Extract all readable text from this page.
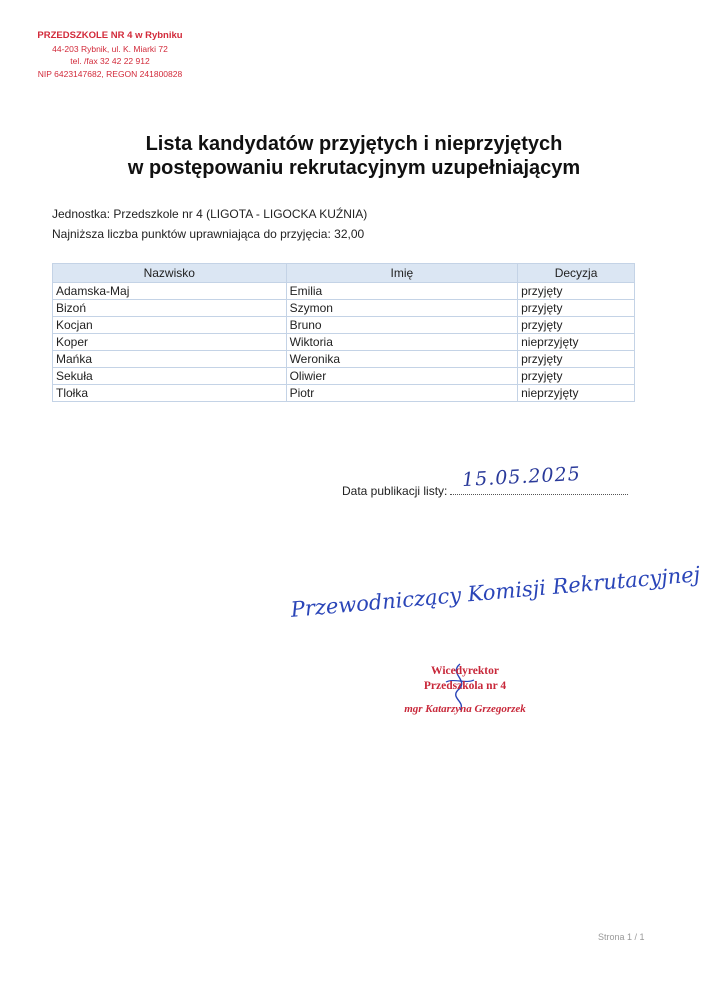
PRZEDSZKOLE NR 4 w Rybniku
44-203 Rybnik, ul. K. Miarki 72
tel. /fax 32 42 22 912
NIP 6423147682, REGON 241800828
Lista kandydatów przyjętych i nieprzyjętych
w postępowaniu rekrutacyjnym uzupełniającym
Jednostka: Przedszkole nr 4 (LIGOTA - LIGOCKA KUŹNIA)
Najniższa liczba punktów uprawniająca do przyjęcia: 32,00
Nazwisko	Imię	Decyzja
Adamska-Maj	Emilia	przyjęty
Bizoń	Szymon	przyjęty
Kocjan	Bruno	przyjęty
Koper	Wiktoria	nieprzyjęty
Mańka	Weronika	przyjęty
Sekuła	Oliwier	przyjęty
Tlołka	Piotr	nieprzyjęty
Data publikacji listy: 15.05.2025
Przewodniczący Komisji Rekrutacyjnej
Wicedyrektor
Przedszkola nr 4
mgr Katarzyna Grzegorzek
Strona 1 / 1
